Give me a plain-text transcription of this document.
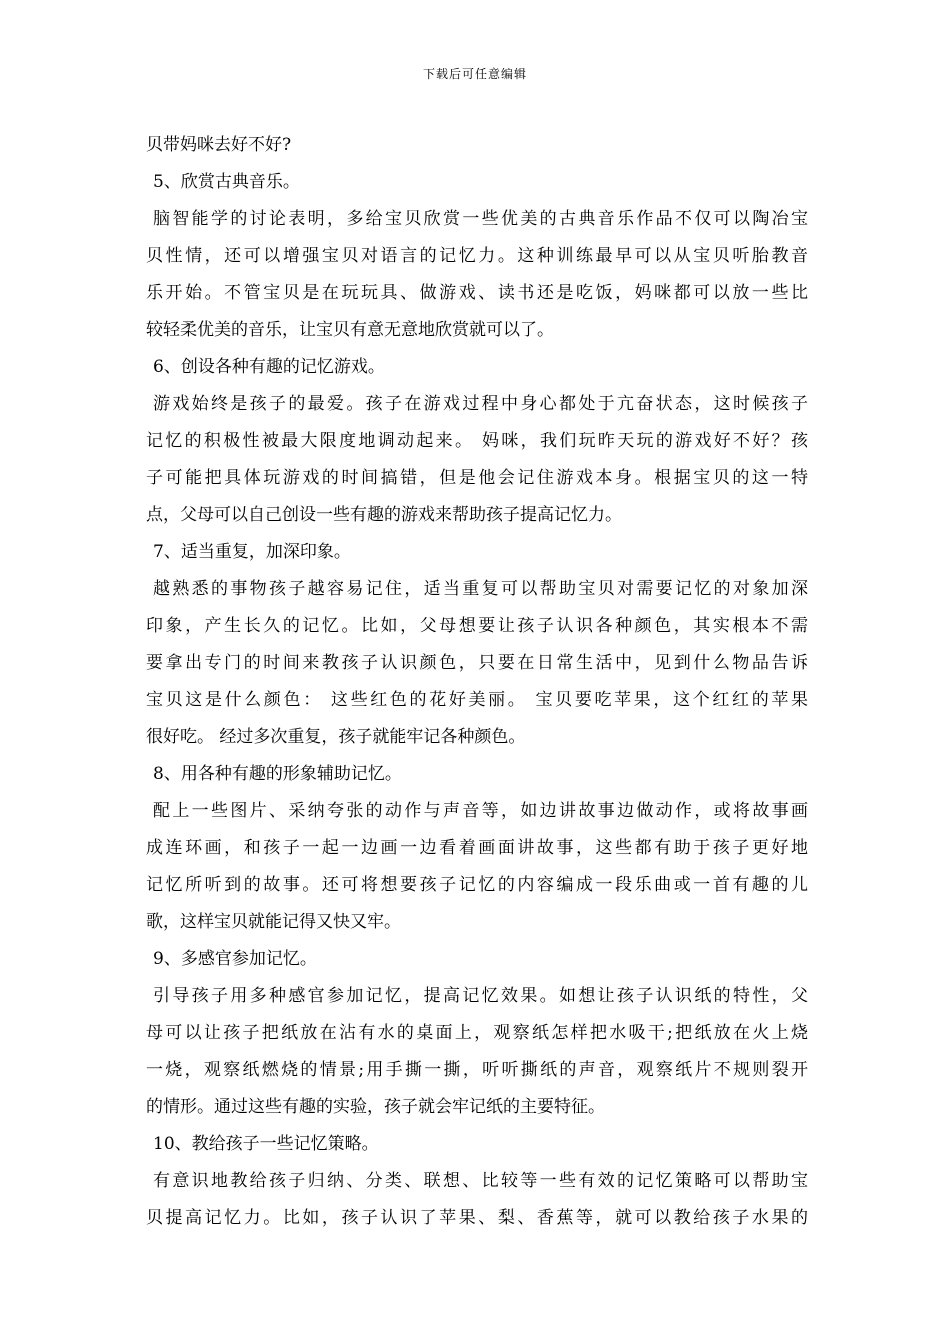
下载后可任意编辑
贝带妈咪去好不好?
5、欣赏古典音乐。
脑智能学的讨论表明，多给宝贝欣赏一些优美的古典音乐作品不仅可以陶冶宝
贝性情，还可以增强宝贝对语言的记忆力。这种训练最早可以从宝贝听胎教音
乐开始。不管宝贝是在玩玩具、做游戏、读书还是吃饭，妈咪都可以放一些比
较轻柔优美的音乐，让宝贝有意无意地欣赏就可以了。
6、创设各种有趣的记忆游戏。
游戏始终是孩子的最爱。孩子在游戏过程中身心都处于亢奋状态，这时候孩子
记忆的积极性被最大限度地调动起来。 妈咪，我们玩昨天玩的游戏好不好？孩
子可能把具体玩游戏的时间搞错，但是他会记住游戏本身。根据宝贝的这一特
点，父母可以自己创设一些有趣的游戏来帮助孩子提高记忆力。
7、适当重复，加深印象。
越熟悉的事物孩子越容易记住，适当重复可以帮助宝贝对需要记忆的对象加深
印象，产生长久的记忆。比如，父母想要让孩子认识各种颜色，其实根本不需
要拿出专门的时间来教孩子认识颜色，只要在日常生活中，见到什么物品告诉
宝贝这是什么颜色： 这些红色的花好美丽。 宝贝要吃苹果，这个红红的苹果
很好吃。 经过多次重复，孩子就能牢记各种颜色。
8、用各种有趣的形象辅助记忆。
配上一些图片、采纳夸张的动作与声音等，如边讲故事边做动作，或将故事画
成连环画，和孩子一起一边画一边看着画面讲故事，这些都有助于孩子更好地
记忆所听到的故事。还可将想要孩子记忆的内容编成一段乐曲或一首有趣的儿
歌，这样宝贝就能记得又快又牢。
9、多感官参加记忆。
引导孩子用多种感官参加记忆，提高记忆效果。如想让孩子认识纸的特性，父
母可以让孩子把纸放在沾有水的桌面上，观察纸怎样把水吸干;把纸放在火上烧
一烧，观察纸燃烧的情景;用手撕一撕，听听撕纸的声音，观察纸片不规则裂开
的情形。通过这些有趣的实验，孩子就会牢记纸的主要特征。
10、教给孩子一些记忆策略。
有意识地教给孩子归纳、分类、联想、比较等一些有效的记忆策略可以帮助宝
贝提高记忆力。比如，孩子认识了苹果、梨、香蕉等，就可以教给孩子水果的
